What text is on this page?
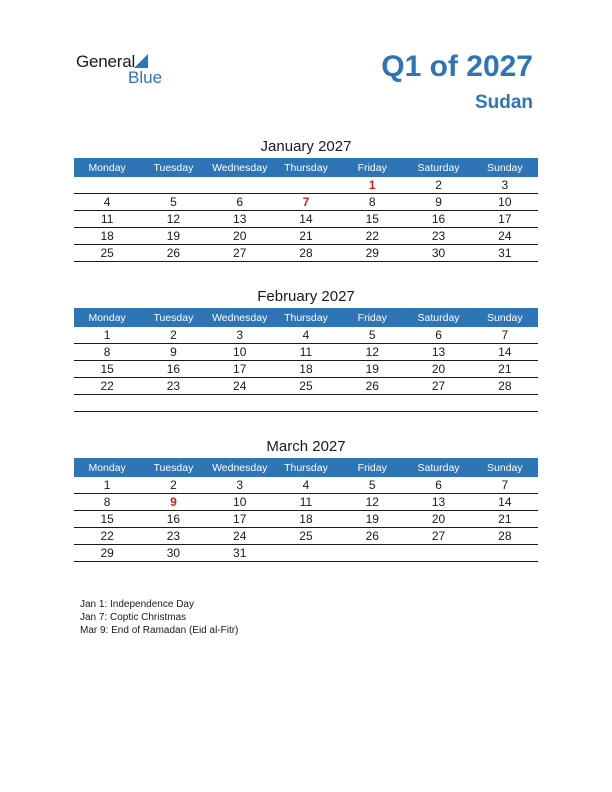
General
Blue	Q1 of 2027
Sudan
January 2027
Monday	Tuesday	Wednesday	Thursday	Friday	Saturday	Sunday
				1	2	3
4	5	6	7	8	9	10
11	12	13	14	15	16	17
18	19	20	21	22	23	24
25	26	27	28	29	30	31
February 2027
Monday	Tuesday	Wednesday	Thursday	Friday	Saturday	Sunday
1	2	3	4	5	6	7
8	9	10	11	12	13	14
15	16	17	18	19	20	21
22	23	24	25	26	27	28

March 2027
Monday	Tuesday	Wednesday	Thursday	Friday	Saturday	Sunday
1	2	3	4	5	6	7
8	9	10	11	12	13	14
15	16	17	18	19	20	21
22	23	24	25	26	27	28
29	30	31				
Jan 1: Independence Day
Jan 7: Coptic Christmas
Mar 9: End of Ramadan (Eid al-Fitr)
